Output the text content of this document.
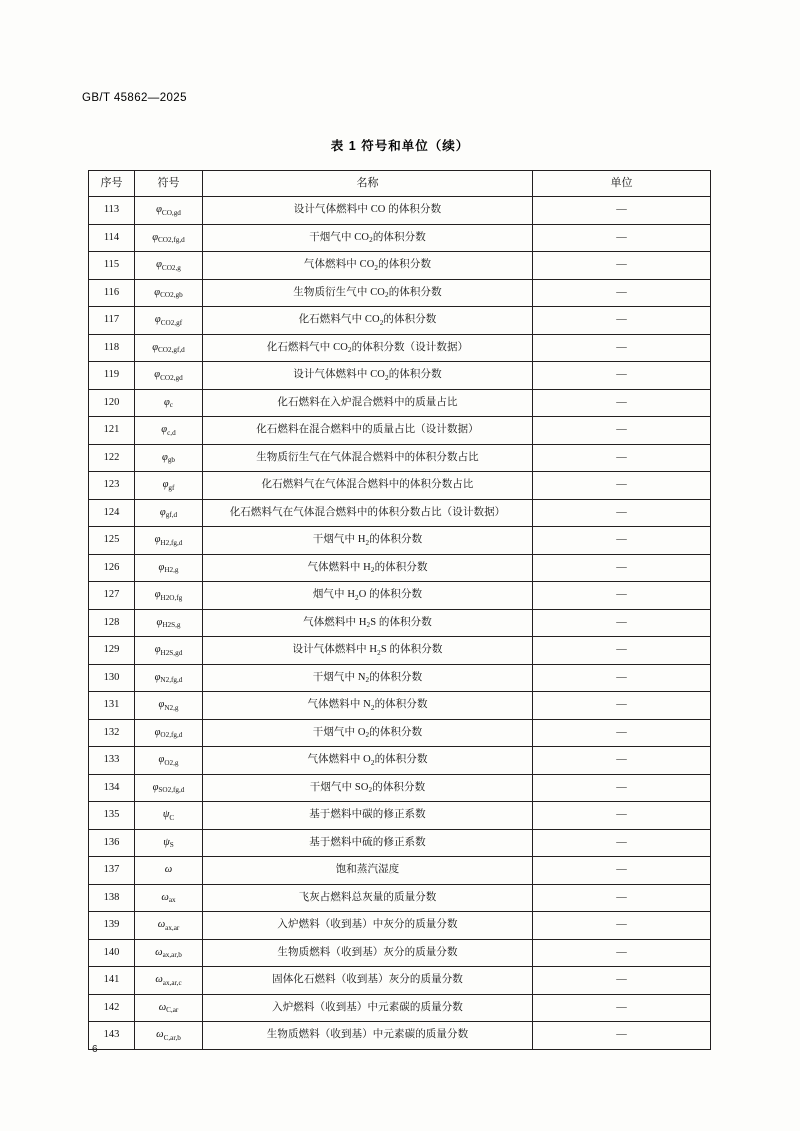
GB/T 45862—2025
表 1 符号和单位（续）
序号	符号	名称	单位
113	$\varphi_{CO,gd}$	设计气体燃料中 CO 的体积分数	—
114	$\varphi_{CO2,fg,d}$	干烟气中 $CO_2$的体积分数	—
115	$\varphi_{CO2,g}$	气体燃料中 $CO_2$的体积分数	—
116	$\varphi_{CO2,gb}$	生物质衍生气中 $CO_2$的体积分数	—
117	$\varphi_{CO2,gf}$	化石燃料气中 $CO_2$的体积分数	—
118	$\varphi_{CO2,gf,d}$	化石燃料气中 $CO_2$的体积分数（设计数据）	—
119	$\varphi_{CO2,gd}$	设计气体燃料中 $CO_2$的体积分数	—
120	$\varphi_c$	化石燃料在入炉混合燃料中的质量占比	—
121	$\varphi_{c,d}$	化石燃料在混合燃料中的质量占比（设计数据）	—
122	$\varphi_{gb}$	生物质衍生气在气体混合燃料中的体积分数占比	—
123	$\varphi_{gf}$	化石燃料气在气体混合燃料中的体积分数占比	—
124	$\varphi_{gf,d}$	化石燃料气在气体混合燃料中的体积分数占比（设计数据）	—
125	$\varphi_{H2,fg,d}$	干烟气中 $H_2$的体积分数	—
126	$\varphi_{H2,g}$	气体燃料中 $H_2$的体积分数	—
127	$\varphi_{H2O,fg}$	烟气中 $H_2O$ 的体积分数	—
128	$\varphi_{H2S,g}$	气体燃料中 $H_2S$ 的体积分数	—
129	$\varphi_{H2S,gd}$	设计气体燃料中 $H_2S$ 的体积分数	—
130	$\varphi_{N2,fg,d}$	干烟气中 $N_2$的体积分数	—
131	$\varphi_{N2,g}$	气体燃料中 $N_2$的体积分数	—
132	$\varphi_{O2,fg,d}$	干烟气中 $O_2$的体积分数	—
133	$\varphi_{O2,g}$	气体燃料中 $O_2$的体积分数	—
134	$\varphi_{SO2,fg,d}$	干烟气中 $SO_2$的体积分数	—
135	$\psi_C$	基于燃料中碳的修正系数	—
136	$\psi_S$	基于燃料中硫的修正系数	—
137	ω	饱和蒸汽湿度	—
138	$\omega_{ax}$	飞灰占燃料总灰量的质量分数	—
139	$\omega_{ax,ar}$	入炉燃料（收到基）中灰分的质量分数	—
140	$\omega_{ax,ar,b}$	生物质燃料（收到基）灰分的质量分数	—
141	$\omega_{ax,ar,c}$	固体化石燃料（收到基）灰分的质量分数	—
142	$\omega_{C,ar}$	入炉燃料（收到基）中元素碳的质量分数	—
143	$\omega_{C,ar,b}$	生物质燃料（收到基）中元素碳的质量分数	—
6
